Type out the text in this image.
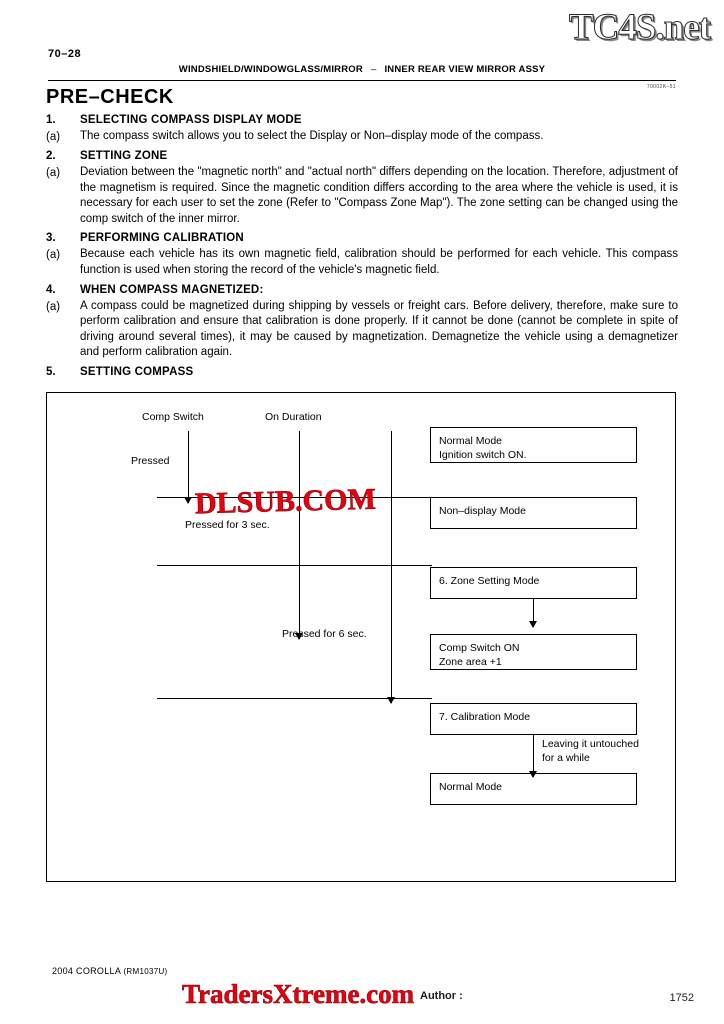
TC4S.net
70–28
WINDSHIELD/WINDOWGLASS/MIRROR – INNER REAR VIEW MIRROR ASSY
70002K–51
PRE–CHECK
1.	SELECTING COMPASS DISPLAY MODE
(a)	The compass switch allows you to select the Display or Non–display mode of the compass.
2.	SETTING ZONE
(a)	Deviation between the "magnetic north" and "actual north" differs depending on the location. Therefore, adjustment of the magnetism is required. Since the magnetic condition differs according to the area where the vehicle is used, it is necessary for each user to set the zone (Refer to "Compass Zone Map"). The zone setting can be changed using the comp switch of the inner mirror.
3.	PERFORMING CALIBRATION
(a)	Because each vehicle has its own magnetic field, calibration should be performed for each vehicle. This compass function is used when storing the record of the vehicle's magnetic field.
4.	WHEN COMPASS MAGNETIZED:
(a)	A compass could be magnetized during shipping by vessels or freight cars. Before delivery, therefore, make sure to perform calibration and ensure that calibration is done properly. If it cannot be done (cannot be complete in spite of driving around several times), it may be caused by magnetization. Demagnetize the vehicle using a demagnetizer and perform calibration again.
5.	SETTING COMPASS
Comp Switch	On Duration
Pressed
Pressed for 3 sec.
Pressed for 6 sec.
Normal Mode
Ignition switch ON.
Non–display Mode
6. Zone Setting Mode
Comp Switch ON
Zone area +1
7. Calibration Mode
Leaving it untouched
for a while
Normal Mode
DLSUB.COM
2004 COROLLA (RM1037U)
Author :	1752
TradersXtreme.com
